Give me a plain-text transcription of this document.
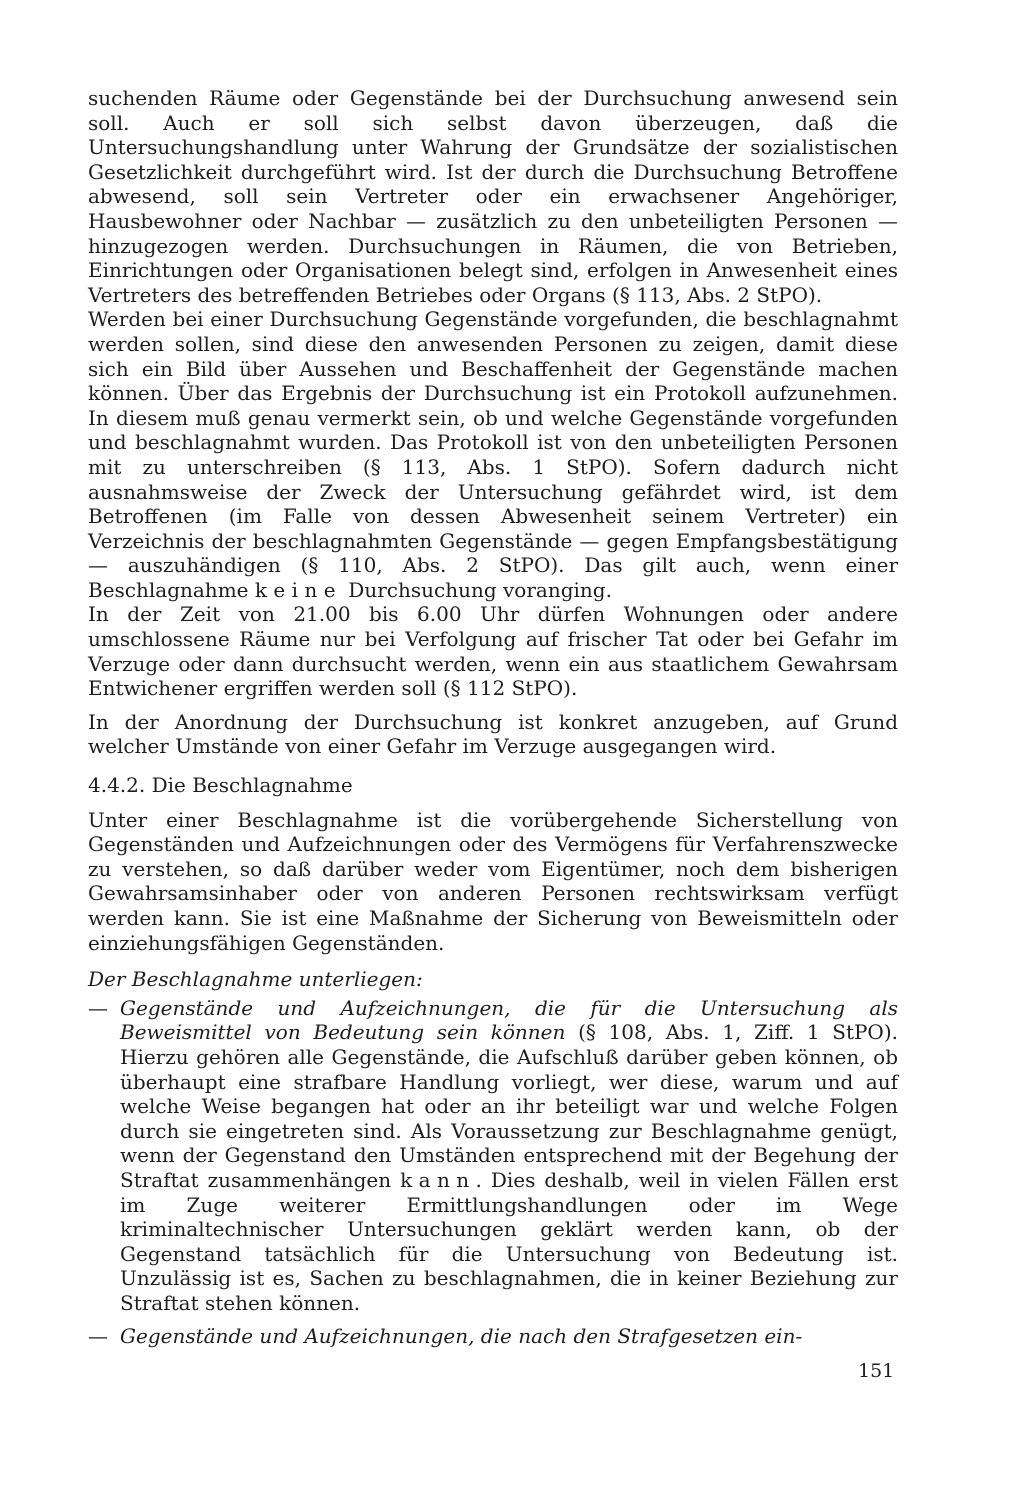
suchenden Räume oder Gegenstände bei der Durchsuchung anwesend sein soll. Auch er soll sich selbst davon überzeugen, daß die Untersuchungshandlung unter Wahrung der Grundsätze der sozialistischen Gesetzlichkeit durchgeführt wird. Ist der durch die Durchsuchung Betroffene abwesend, soll sein Vertreter oder ein erwachsener Angehöriger, Hausbewohner oder Nachbar — zusätzlich zu den unbeteiligten Personen — hinzugezogen werden. Durchsuchungen in Räumen, die von Betrieben, Einrichtungen oder Organisationen belegt sind, erfolgen in Anwesenheit eines Vertreters des betreffenden Betriebes oder Organs (§ 113, Abs. 2 StPO).

Werden bei einer Durchsuchung Gegenstände vorgefunden, die beschlagnahmt werden sollen, sind diese den anwesenden Personen zu zeigen, damit diese sich ein Bild über Aussehen und Beschaffenheit der Gegenstände machen können. Über das Ergebnis der Durchsuchung ist ein Protokoll aufzunehmen. In diesem muß genau vermerkt sein, ob und welche Gegenstände vorgefunden und beschlagnahmt wurden. Das Protokoll ist von den unbeteiligten Personen mit zu unterschreiben (§ 113, Abs. 1 StPO). Sofern dadurch nicht ausnahmsweise der Zweck der Untersuchung gefährdet wird, ist dem Betroffenen (im Falle von dessen Abwesenheit seinem Vertreter) ein Verzeichnis der beschlagnahmten Gegenstände — gegen Empfangsbestätigung — auszuhändigen (§ 110, Abs. 2 StPO). Das gilt auch, wenn einer Beschlagnahme keine Durchsuchung voranging.

In der Zeit von 21.00 bis 6.00 Uhr dürfen Wohnungen oder andere umschlossene Räume nur bei Verfolgung auf frischer Tat oder bei Gefahr im Verzuge oder dann durchsucht werden, wenn ein aus staatlichem Gewahrsam Entwichener ergriffen werden soll (§ 112 StPO).

In der Anordnung der Durchsuchung ist konkret anzugeben, auf Grund welcher Umstände von einer Gefahr im Verzuge ausgegangen wird.

4.4.2. Die Beschlagnahme

Unter einer Beschlagnahme ist die vorübergehende Sicherstellung von Gegenständen und Aufzeichnungen oder des Vermögens für Verfahrenszwecke zu verstehen, so daß darüber weder vom Eigentümer, noch dem bisherigen Gewahrsamsinhaber oder von anderen Personen rechtswirksam verfügt werden kann. Sie ist eine Maßnahme der Sicherung von Beweismitteln oder einziehungsfähigen Gegenständen.

Der Beschlagnahme unterliegen:

— Gegenstände und Aufzeichnungen, die für die Untersuchung als Beweismittel von Bedeutung sein können (§ 108, Abs. 1, Ziff. 1 StPO). Hierzu gehören alle Gegenstände, die Aufschluß darüber geben können, ob überhaupt eine strafbare Handlung vorliegt, wer diese, warum und auf welche Weise begangen hat oder an ihr beteiligt war und welche Folgen durch sie eingetreten sind. Als Voraussetzung zur Beschlagnahme genügt, wenn der Gegenstand den Umständen entsprechend mit der Begehung der Straftat zusammenhängen kann. Dies deshalb, weil in vielen Fällen erst im Zuge weiterer Ermittlungshandlungen oder im Wege kriminaltechnischer Untersuchungen geklärt werden kann, ob der Gegenstand tatsächlich für die Untersuchung von Bedeutung ist. Unzulässig ist es, Sachen zu beschlagnahmen, die in keiner Beziehung zur Straftat stehen können.
— Gegenstände und Aufzeichnungen, die nach den Strafgesetzen ein-
151
